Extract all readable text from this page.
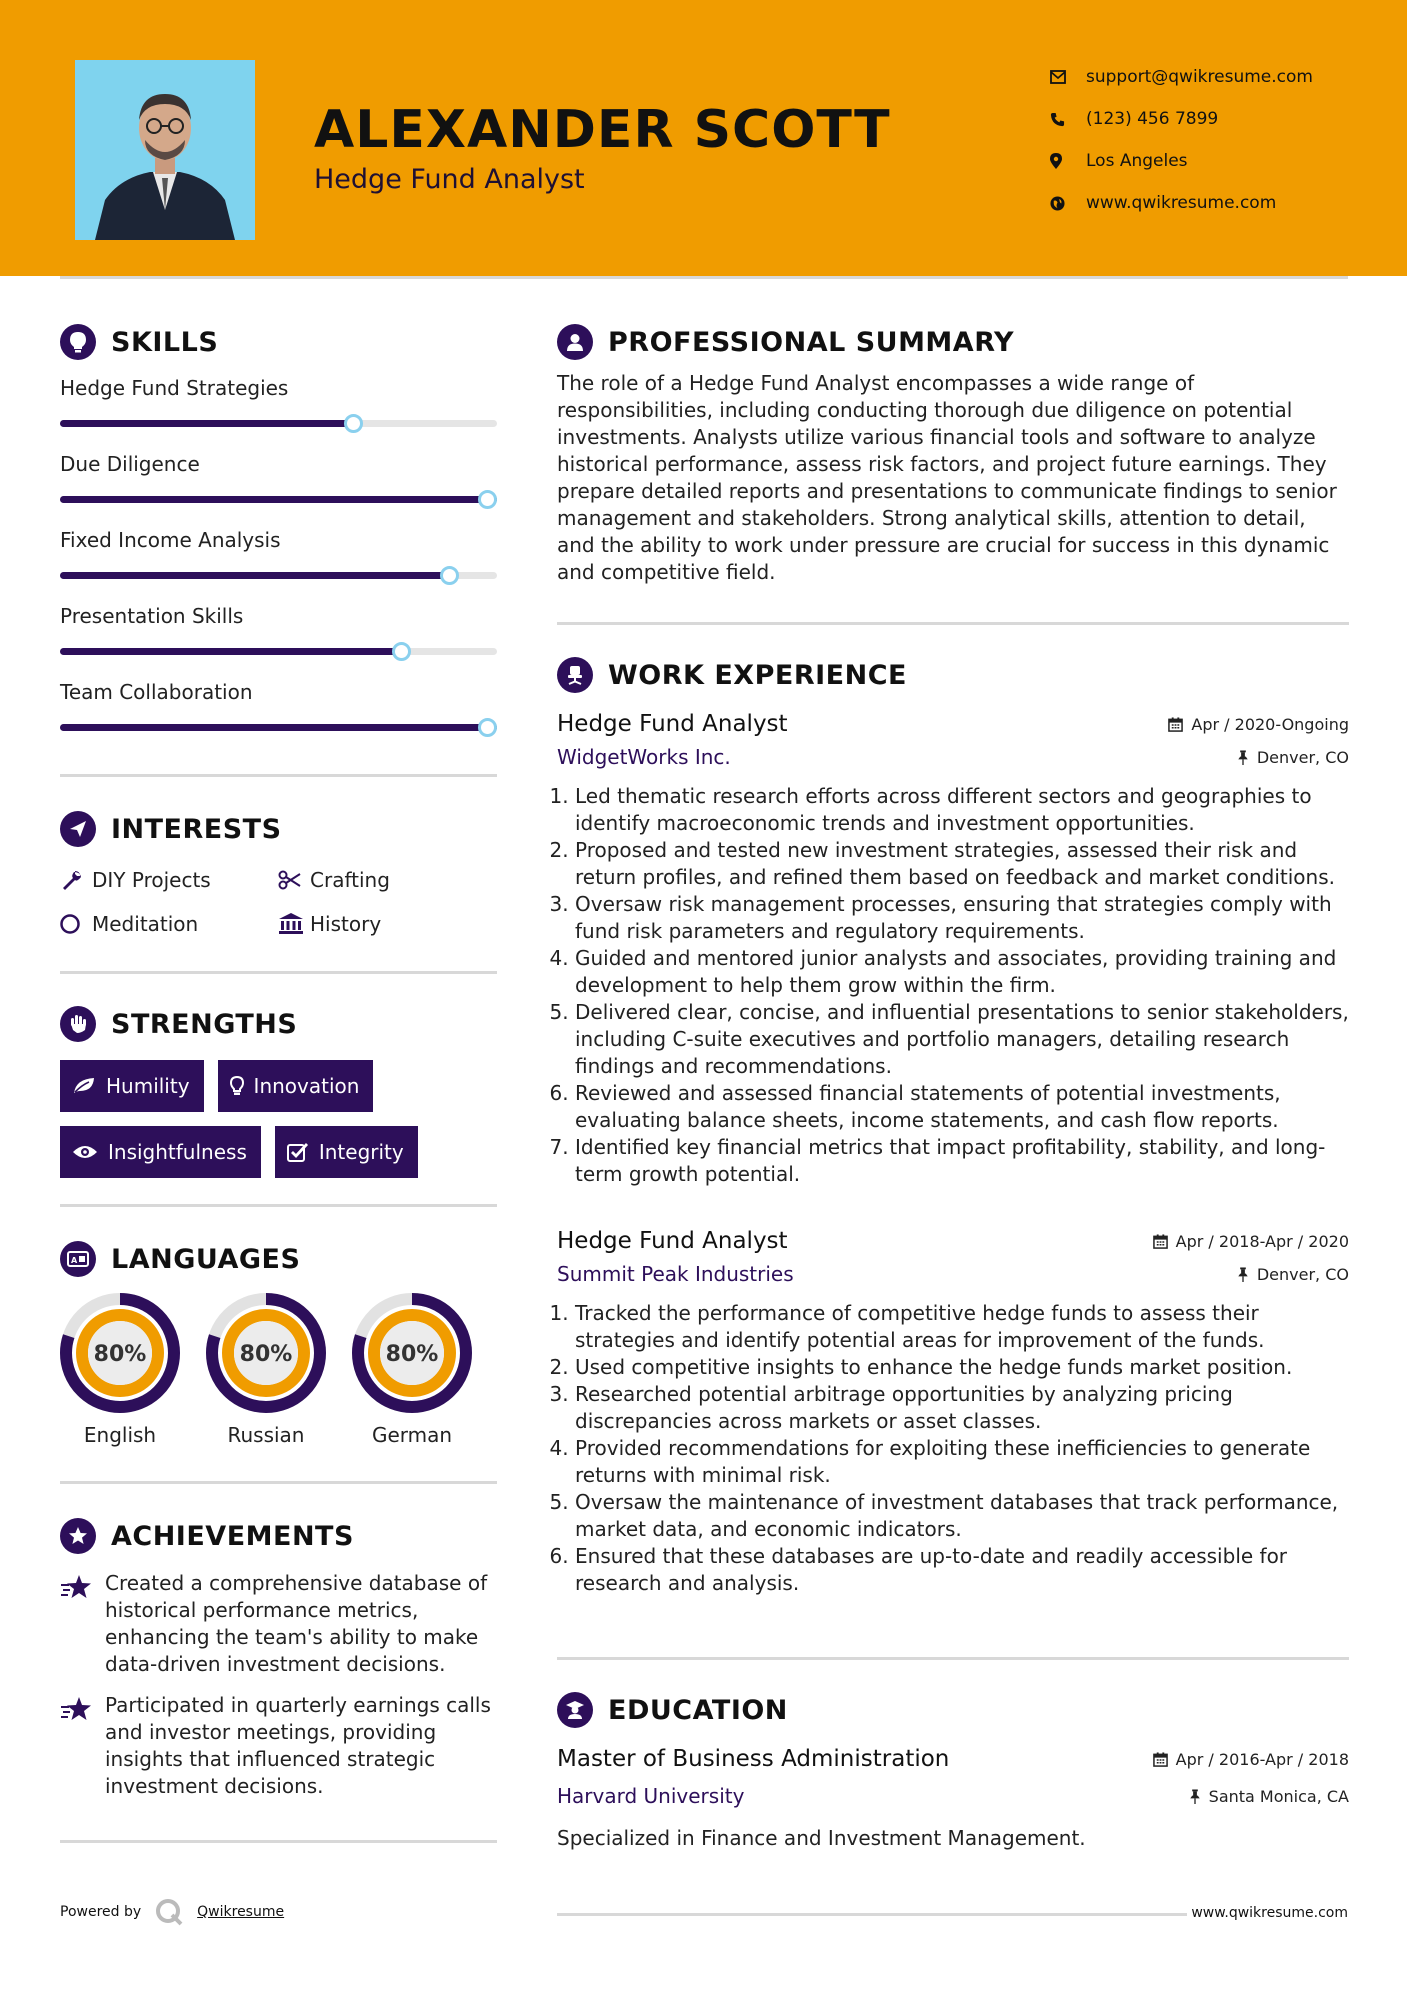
ALEXANDER SCOTT
Hedge Fund Analyst
support@qwikresume.com
(123) 456 7899
Los Angeles
www.qwikresume.com
SKILLS
Hedge Fund Strategies
Due Diligence
Fixed Income Analysis
Presentation Skills
Team Collaboration
INTERESTS
DIY Projects	Crafting
Meditation	History
STRENGTHS
Humility	Innovation
Insightfulness	Integrity
A LANGUAGES
80%
English
80%
Russian
80%
German
ACHIEVEMENTS
Created a comprehensive database of historical performance metrics, enhancing the team's ability to make data-driven investment decisions.
Participated in quarterly earnings calls and investor meetings, providing insights that influenced strategic investment decisions.
PROFESSIONAL SUMMARY

The role of a Hedge Fund Analyst encompasses a wide range of responsibilities, including conducting thorough due diligence on potential investments. Analysts utilize various financial tools and software to analyze historical performance, assess risk factors, and project future earnings. They prepare detailed reports and presentations to communicate findings to senior management and stakeholders. Strong analytical skills, attention to detail, and the ability to work under pressure are crucial for success in this dynamic and competitive field.

WORK EXPERIENCE
Hedge Fund Analyst	Apr / 2020-Ongoing
WidgetWorks Inc.	Denver, CO
1. Led thematic research efforts across different sectors and geographies to identify macroeconomic trends and investment opportunities.
2. Proposed and tested new investment strategies, assessed their risk and return profiles, and refined them based on feedback and market conditions.
3. Oversaw risk management processes, ensuring that strategies comply with fund risk parameters and regulatory requirements.
4. Guided and mentored junior analysts and associates, providing training and development to help them grow within the firm.
5. Delivered clear, concise, and influential presentations to senior stakeholders, including C-suite executives and portfolio managers, detailing research findings and recommendations.
6. Reviewed and assessed financial statements of potential investments, evaluating balance sheets, income statements, and cash flow reports.
7. Identified key financial metrics that impact profitability, stability, and long-term growth potential.
Hedge Fund Analyst	Apr / 2018-Apr / 2020
Summit Peak Industries	Denver, CO
1. Tracked the performance of competitive hedge funds to assess their strategies and identify potential areas for improvement of the funds.
2. Used competitive insights to enhance the hedge funds market position.
3. Researched potential arbitrage opportunities by analyzing pricing discrepancies across markets or asset classes.
4. Provided recommendations for exploiting these inefficiencies to generate returns with minimal risk.
5. Oversaw the maintenance of investment databases that track performance, market data, and economic indicators.
6. Ensured that these databases are up-to-date and readily accessible for research and analysis.
EDUCATION
Master of Business Administration	Apr / 2016-Apr / 2018
Harvard University	Santa Monica, CA
Specialized in Finance and Investment Management.
Powered by	Qwikresume	www.qwikresume.com
